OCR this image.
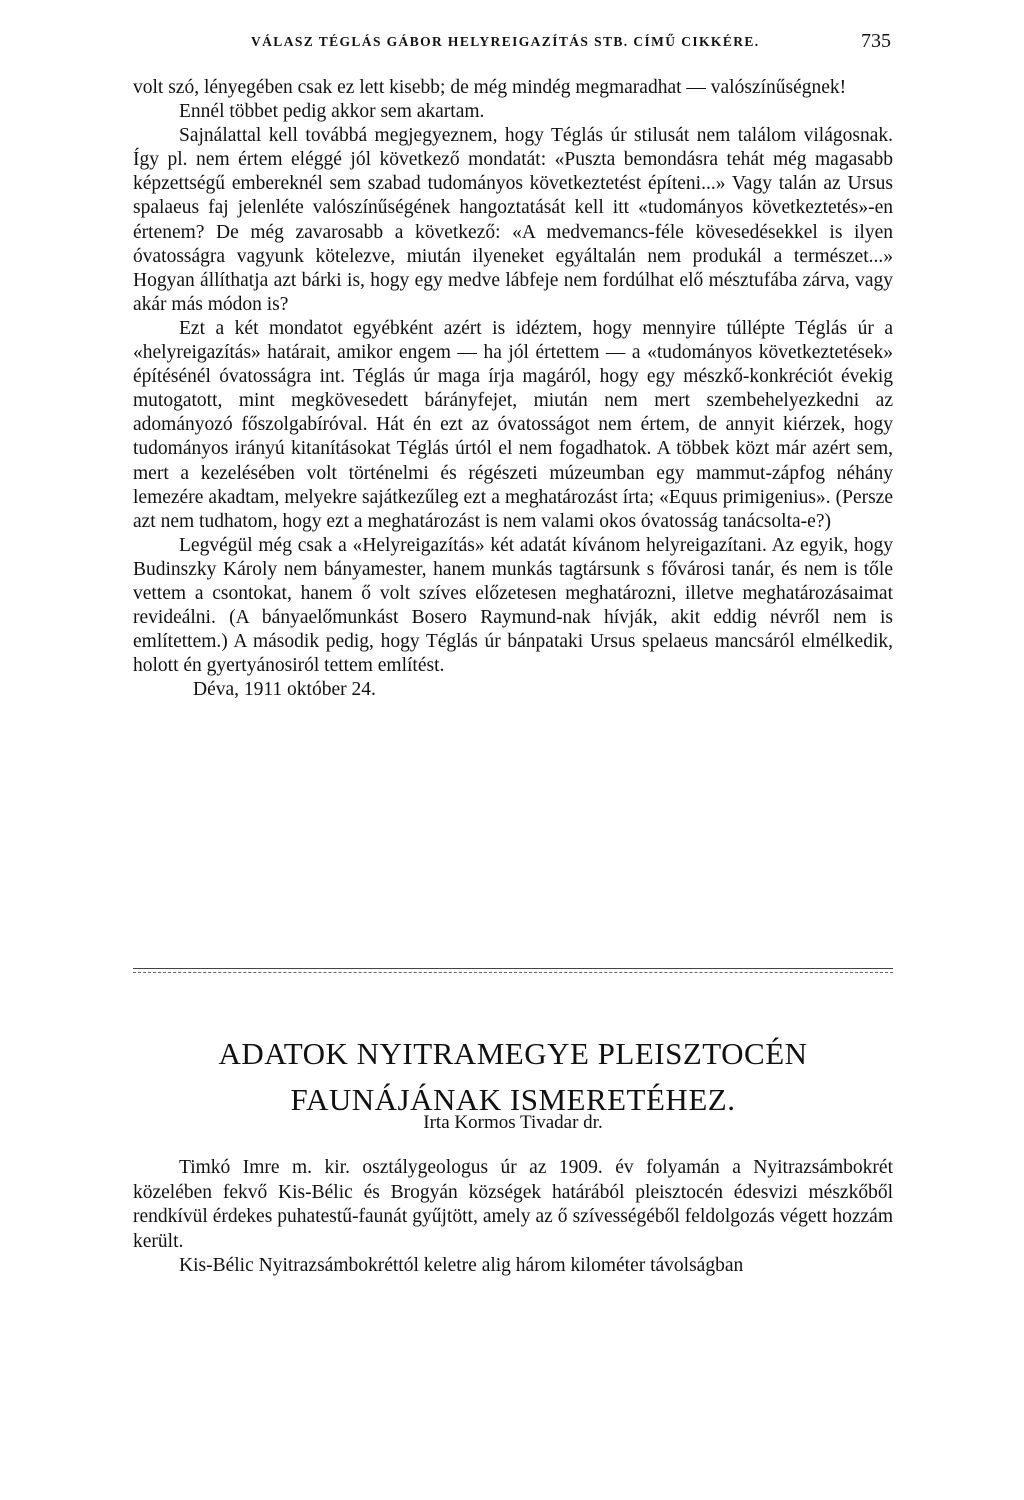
VÁLASZ TÉGLÁS GÁBOR HELYREIGAZÍTÁS STB. CÍMŰ CIKKÉRE.	735

volt szó, lényegében csak ez lett kisebb; de még mindég megmaradhat — valószínűségnek!

Ennél többet pedig akkor sem akartam.

Sajnálattal kell továbbá megjegyeznem, hogy Téglás úr stilusát nem találom világosnak. Így pl. nem értem eléggé jól következő mondatát: «Puszta bemondásra tehát még magasabb képzettségű embereknél sem szabad tudományos következtetést építeni...» Vagy talán az Ursus spalaeus faj jelenléte valószínűségének hangoztatását kell itt «tudományos következtetés»-en értenem? De még zavarosabb a következő: «A medvemancs-féle kövesedésekkel is ilyen óvatosságra vagyunk kötelezve, miután ilyeneket egyáltalán nem produkál a természet...» Hogyan állíthatja azt bárki is, hogy egy medve lábfeje nem fordúlhat elő mésztufába zárva, vagy akár más módon is?

Ezt a két mondatot egyébként azért is idéztem, hogy mennyire túllépte Téglás úr a «helyreigazítás» határait, amikor engem — ha jól értettem — a «tudományos következtetések» építésénél óvatosságra int. Téglás úr maga írja magáról, hogy egy mészkő-konkréciót évekig mutogatott, mint megkövesedett bárányfejet, miután nem mert szembehelyezkedni az adományozó főszolgabíróval. Hát én ezt az óvatosságot nem értem, de annyit kiérzek, hogy tudományos irányú kitanításokat Téglás úrtól el nem fogadhatok. A többek közt már azért sem, mert a kezelésében volt történelmi és régészeti múzeumban egy mammut-zápfog néhány lemezére akadtam, melyekre sajátkezűleg ezt a meghatározást írta; «Equus primigenius». (Persze azt nem tudhatom, hogy ezt a meghatározást is nem valami okos óvatosság tanácsolta-e?)

Legvégül még csak a «Helyreigazítás» két adatát kívánom helyreigazítani. Az egyik, hogy Budinszky Károly nem bányamester, hanem munkás tagtársunk s fővárosi tanár, és nem is tőle vettem a csontokat, hanem ő volt szíves előzetesen meghatározni, illetve meghatározásaimat revideálni. (A bányaelőmunkást Bosero Raymund-nak hívják, akit eddig névről nem is említettem.) A második pedig, hogy Téglás úr bánpataki Ursus spelaeus mancsáról elmélkedik, holott én gyertyánosiról tettem említést.

Déva, 1911 október 24.

ADATOK NYITRAMEGYE PLEISZTOCÉN FAUNÁJÁNAK ISMERETÉHEZ.
Irta Kormos Tivadar dr.

Timkó Imre m. kir. osztálygeologus úr az 1909. év folyamán a Nyitrazsámbokrét közelében fekvő Kis-Bélic és Brogyán községek határából pleisztocén édesvizi mészkőből rendkívül érdekes puhatestű-faunát gyűjtött, amely az ő szívességéből feldolgozás végett hozzám került.

Kis-Bélic Nyitrazsámbokréttól keletre alig három kilométer távolságban
